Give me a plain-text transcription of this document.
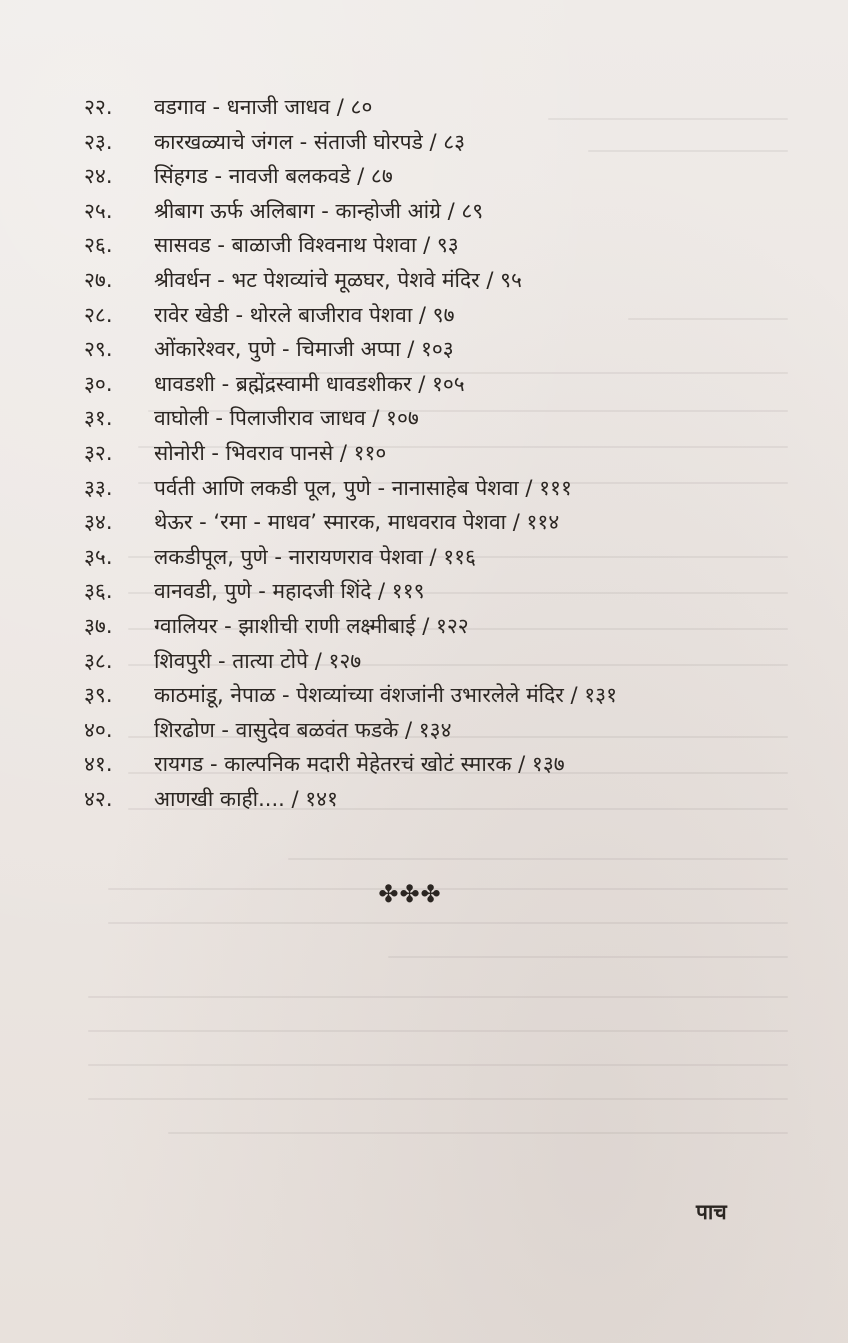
२२.	वडगाव - धनाजी जाधव / ८०
२३.	कारखळ्याचे जंगल - संताजी घोरपडे / ८३
२४.	सिंहगड - नावजी बलकवडे / ८७
२५.	श्रीबाग ऊर्फ अलिबाग - कान्होजी आंग्रे / ८९
२६.	सासवड - बाळाजी विश्वनाथ पेशवा / ९३
२७.	श्रीवर्धन - भट पेशव्यांचे मूळघर, पेशवे मंदिर / ९५
२८.	रावेर खेडी - थोरले बाजीराव पेशवा / ९७
२९.	ओंकारेश्वर, पुणे - चिमाजी अप्पा / १०३
३०.	धावडशी - ब्रह्मेंद्रस्वामी धावडशीकर / १०५
३१.	वाघोली - पिलाजीराव जाधव / १०७
३२.	सोनोरी - भिवराव पानसे / ११०
३३.	पर्वती आणि लकडी पूल, पुणे - नानासाहेब पेशवा / १११
३४.	थेऊर - ‘रमा - माधव’ स्मारक, माधवराव पेशवा / ११४
३५.	लकडीपूल, पुणे - नारायणराव पेशवा / ११६
३६.	वानवडी, पुणे - महादजी शिंदे / ११९
३७.	ग्वालियर - झाशीची राणी लक्ष्मीबाई / १२२
३८.	शिवपुरी - तात्या टोपे / १२७
३९.	काठमांडू, नेपाळ - पेशव्यांच्या वंशजांनी उभारलेले मंदिर / १३१
४०.	शिरढोण - वासुदेव बळवंत फडके / १३४
४१.	रायगड - काल्पनिक मदारी मेहेतरचं खोटं स्मारक / १३७
४२.	आणखी काही.... / १४१
✤✤✤
पाच
